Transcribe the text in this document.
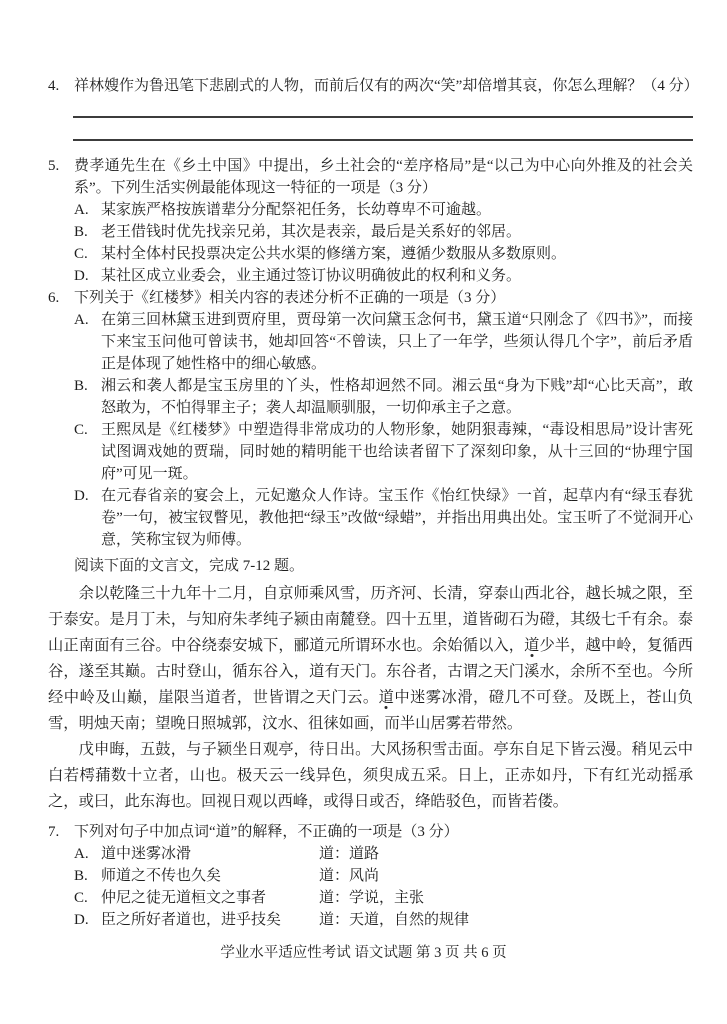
4. 祥林嫂作为鲁迅笔下悲剧式的人物，而前后仅有的两次“笑”却倍增其哀，你怎么理解？（4 分）
5. 费孝通先生在《乡土中国》中提出，乡土社会的“差序格局”是“以己为中心向外推及的社会关系”。下列生活实例最能体现这一特征的一项是（3 分）
A. 某家族严格按族谱辈分分配祭祀任务，长幼尊卑不可逾越。
B. 老王借钱时优先找亲兄弟，其次是表亲，最后是关系好的邻居。
C. 某村全体村民投票决定公共水渠的修缮方案，遵循少数服从多数原则。
D. 某社区成立业委会，业主通过签订协议明确彼此的权利和义务。
6. 下列关于《红楼梦》相关内容的表述分析不正确的一项是（3 分）
A. 在第三回林黛玉进到贾府里，贾母第一次问黛玉念何书，黛玉道“只刚念了《四书》”，而接下来宝玉问他可曾读书，她却回答“不曾读，只上了一年学，些须认得几个字”，前后矛盾正是体现了她性格中的细心敏感。
B. 湘云和袭人都是宝玉房里的丫头，性格却迥然不同。湘云虽“身为下贱”却“心比天高”，敢怒敢为，不怕得罪主子；袭人却温顺驯服，一切仰承主子之意。
C. 王熙凤是《红楼梦》中塑造得非常成功的人物形象，她阴狠毒辣，“毒设相思局”设计害死试图调戏她的贾瑞，同时她的精明能干也给读者留下了深刻印象，从十三回的“协理宁国府”可见一斑。
D. 在元春省亲的宴会上，元妃邀众人作诗。宝玉作《怡红快绿》一首，起草内有“绿玉春犹卷”一句，被宝钗瞥见，教他把“绿玉”改做“绿蜡”，并指出用典出处。宝玉听了不觉洞开心意，笑称宝钗为师傅。
阅读下面的文言文，完成 7-12 题。

余以乾隆三十九年十二月，自京师乘风雪，历齐河、长清，穿泰山西北谷，越长城之限，至于泰安。是月丁未，与知府朱孝纯子颍由南麓登。四十五里，道皆砌石为磴，其级七千有余。泰山正南面有三谷。中谷绕泰安城下，郦道元所谓环水也。余始循以入，道少半，越中岭，复循西谷，遂至其巅。古时登山，循东谷入，道有天门。东谷者，古谓之天门溪水，余所不至也。今所经中岭及山巅，崖限当道者，世皆谓之天门云。道中迷雾冰滑，磴几不可登。及既上，苍山负雪，明烛天南；望晚日照城郭，汶水、徂徕如画，而半山居雾若带然。

戊申晦，五鼓，与子颍坐日观亭，待日出。大风扬积雪击面。亭东自足下皆云漫。稍见云中白若樗蒱数十立者，山也。极天云一线异色，须臾成五采。日上，正赤如丹，下有红光动摇承之，或曰，此东海也。回视日观以西峰，或得日或否，绛皓驳色，而皆若偻。

7. 下列对句子中加点词“道”的解释，不正确的一项是（3 分）
A. 道中迷雾冰滑	道：道路
B. 师道之不传也久矣	道：风尚
C. 仲尼之徒无道桓文之事者	道：学说，主张
D. 臣之所好者道也，进乎技矣	道：天道，自然的规律
学业水平适应性考试 语文试题 第 3 页 共 6 页
